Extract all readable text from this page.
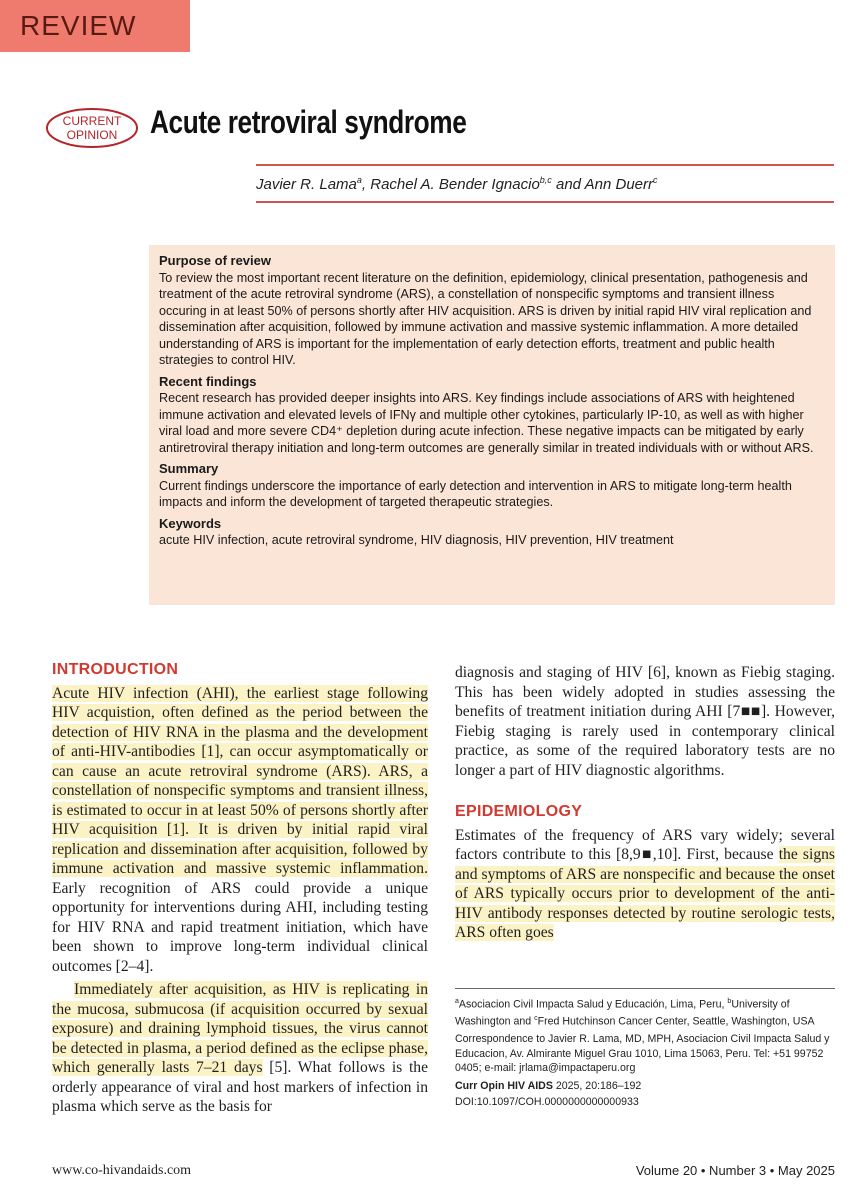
REVIEW
CURRENT
OPINION Acute retroviral syndrome
Javier R. Lama$^a$, Rachel A. Bender Ignacio$^{b,c}$ and Ann Duerr$^c$
Purpose of review

To review the most important recent literature on the definition, epidemiology, clinical presentation, pathogenesis and treatment of the acute retroviral syndrome (ARS), a constellation of nonspecific symptoms and transient illness occuring in at least 50% of persons shortly after HIV acquisition. ARS is driven by initial rapid HIV viral replication and dissemination after acquisition, followed by immune activation and massive systemic inflammation. A more detailed understanding of ARS is important for the implementation of early detection efforts, treatment and public health strategies to control HIV.

Recent findings

Recent research has provided deeper insights into ARS. Key findings include associations of ARS with heightened immune activation and elevated levels of IFNγ and multiple other cytokines, particularly IP-10, as well as with higher viral load and more severe CD4⁺ depletion during acute infection. These negative impacts can be mitigated by early antiretroviral therapy initiation and long-term outcomes are generally similar in treated individuals with or without ARS.

Summary

Current findings underscore the importance of early detection and intervention in ARS to mitigate long-term health impacts and inform the development of targeted therapeutic strategies.

Keywords

acute HIV infection, acute retroviral syndrome, HIV diagnosis, HIV prevention, HIV treatment

INTRODUCTION

Acute HIV infection (AHI), the earliest stage following HIV acquistion, often defined as the period between the detection of HIV RNA in the plasma and the development of anti-HIV-antibodies [1], can occur asymptomatically or can cause an acute retroviral syndrome (ARS). ARS, a constellation of nonspecific symptoms and transient illness, is estimated to occur in at least 50% of persons shortly after HIV acquisition [1]. It is driven by initial rapid viral replication and dissemination after acquisition, followed by immune activation and massive systemic inflammation. Early recognition of ARS could provide a unique opportunity for interventions during AHI, including testing for HIV RNA and rapid treatment initiation, which have been shown to improve long-term individual clinical outcomes [2–4].

Immediately after acquisition, as HIV is replicating in the mucosa, submucosa (if acquisition occurred by sexual exposure) and draining lymphoid tissues, the virus cannot be detected in plasma, a period defined as the eclipse phase, which generally lasts 7–21 days [5]. What follows is the orderly appearance of viral and host markers of infection in plasma which serve as the basis for

diagnosis and staging of HIV [6], known as Fiebig staging. This has been widely adopted in studies assessing the benefits of treatment initiation during AHI [7■■]. However, Fiebig staging is rarely used in contemporary clinical practice, as some of the required laboratory tests are no longer a part of HIV diagnostic algorithms.

EPIDEMIOLOGY

Estimates of the frequency of ARS vary widely; several factors contribute to this [8,9■,10]. First, because the signs and symptoms of ARS are nonspecific and because the onset of ARS typically occurs prior to development of the anti-HIV antibody responses detected by routine serologic tests, ARS often goes

$^a$Asociacion Civil Impacta Salud y Educación, Lima, Peru, $^b$University of Washington and $^c$Fred Hutchinson Cancer Center, Seattle, Washington, USA

Correspondence to Javier R. Lama, MD, MPH, Asociacion Civil Impacta Salud y Educacion, Av. Almirante Miguel Grau 1010, Lima 15063, Peru. Tel: +51 99752 0405; e-mail: jrlama@impactaperu.org

Curr Opin HIV AIDS 2025, 20:186–192

DOI:10.1097/COH.0000000000000933

www.co-hivandaids.com	Volume 20 • Number 3 • May 2025
